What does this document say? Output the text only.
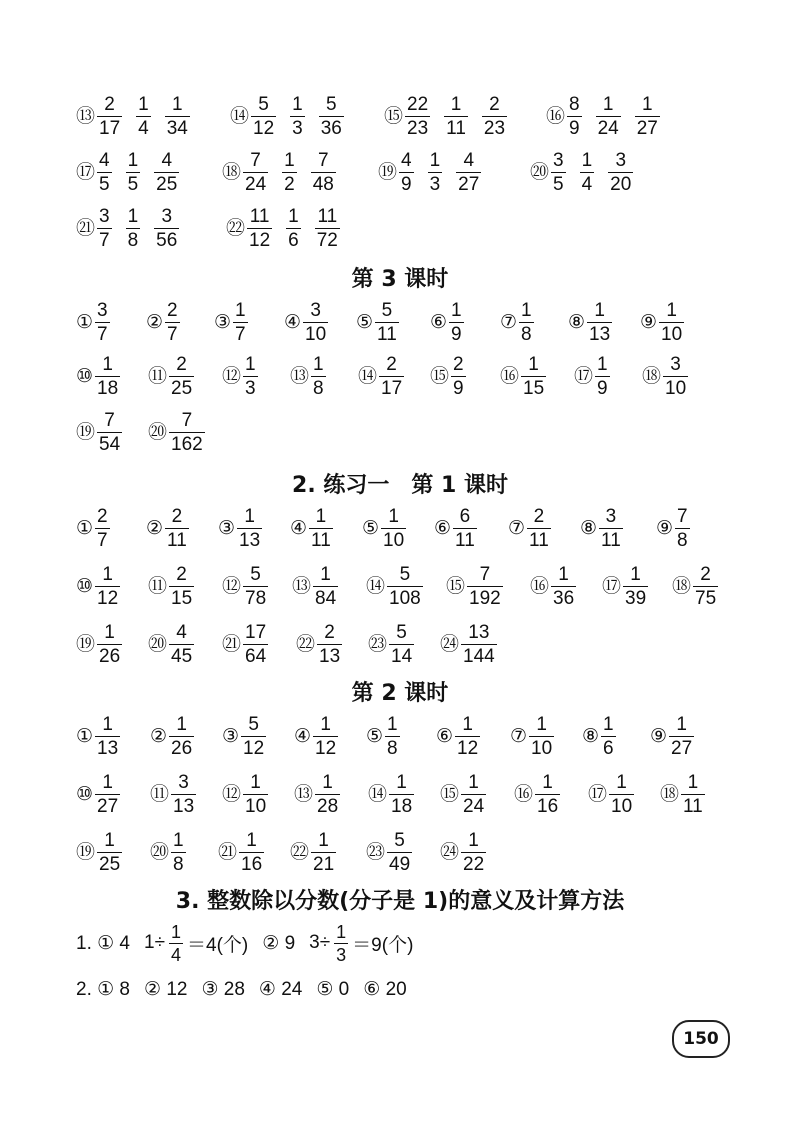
⑬
2
17
1
4
1
34
⑭
5
12
1
3
5
36
⑮
22
23
1
11
2
23
⑯
8
9
1
24
1
27
⑰
4
5
1
5
4
25
⑱
7
24
1
2
7
48
⑲
4
9
1
3
4
27
⑳
3
5
1
4
3
20
㉑
3
7
1
8
3
56
㉒
11
12
1
6
11
72
第 3 课时
①
3
7
②
2
7
③
1
7
④
3
10
⑤
5
11
⑥
1
9
⑦
1
8
⑧
1
13
⑨
1
10
⑩
1
18
⑪
2
25
⑫
1
3
⑬
1
8
⑭
2
17
⑮
2
9
⑯
1
15
⑰
1
9
⑱
3
10
⑲
7
54
⑳
7
162
2. 练习一　第 1 课时
①
2
7
②
2
11
③
1
13
④
1
11
⑤
1
10
⑥
6
11
⑦
2
11
⑧
3
11
⑨
7
8
⑩
1
12
⑪
2
15
⑫
5
78
⑬
1
84
⑭
5
108
⑮
7
192
⑯
1
36
⑰
1
39
⑱
2
75
⑲
1
26
⑳
4
45
㉑
17
64
㉒
2
13
㉓
5
14
㉔
13
144
第 2 课时
①
1
13
②
1
26
③
5
12
④
1
12
⑤
1
8
⑥
1
12
⑦
1
10
⑧
1
6
⑨
1
27
⑩
1
27
⑪
3
13
⑫
1
10
⑬
1
28
⑭
1
18
⑮
1
24
⑯
1
16
⑰
1
10
⑱
1
11
⑲
1
25
⑳
1
8
㉑
1
16
㉒
1
21
㉓
5
49
㉔
1
22
3. 整数除以分数(分子是 1)的意义及计算方法
1. ① 4 $1\div \frac{1}{4} =4$(个) ② 9 $3\div \frac{1}{3} =9$(个)
2. ① 8 ② 12 ③ 28 ④ 24 ⑤ 0 ⑥ 20
150
